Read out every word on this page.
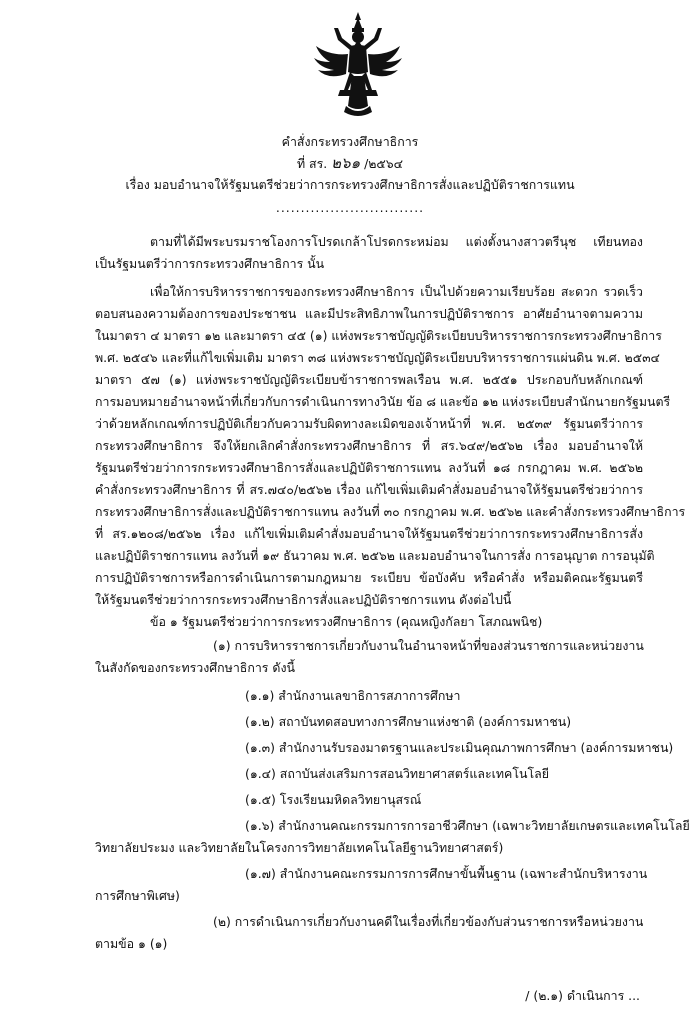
คำสั่งกระทรวงศึกษาธิการ
ที่ สร. ๒๖๑ /๒๕๖๔
เรื่อง มอบอำนาจให้รัฐมนตรีช่วยว่าการกระทรวงศึกษาธิการสั่งและปฏิบัติราชการแทน
..............................
ตามที่ได้มีพระบรมราชโองการโปรดเกล้าโปรดกระหม่อม แต่งตั้งนางสาวตรีนุช เทียนทอง
เป็นรัฐมนตรีว่าการกระทรวงศึกษาธิการ นั้น
เพื่อให้การบริหารราชการของกระทรวงศึกษาธิการ เป็นไปด้วยความเรียบร้อย สะดวก รวดเร็ว
ตอบสนองความต้องการของประชาชน และมีประสิทธิภาพในการปฏิบัติราชการ อาศัยอำนาจตามความ
ในมาตรา ๔ มาตรา ๑๒ และมาตรา ๔๕ (๑) แห่งพระราชบัญญัติระเบียบบริหารราชการกระทรวงศึกษาธิการ
พ.ศ. ๒๕๔๖ และที่แก้ไขเพิ่มเติม มาตรา ๓๘ แห่งพระราชบัญญัติระเบียบบริหารราชการแผ่นดิน พ.ศ. ๒๕๓๔
มาตรา ๕๗ (๑) แห่งพระราชบัญญัติระเบียบข้าราชการพลเรือน พ.ศ. ๒๕๕๑ ประกอบกับหลักเกณฑ์
การมอบหมายอำนาจหน้าที่เกี่ยวกับการดำเนินการทางวินัย ข้อ ๘ และข้อ ๑๒ แห่งระเบียบสำนักนายกรัฐมนตรี
ว่าด้วยหลักเกณฑ์การปฏิบัติเกี่ยวกับความรับผิดทางละเมิดของเจ้าหน้าที่ พ.ศ. ๒๕๓๙ รัฐมนตรีว่าการ
กระทรวงศึกษาธิการ จึงให้ยกเลิกคำสั่งกระทรวงศึกษาธิการ ที่ สร.๖๔๙/๒๕๖๒ เรื่อง มอบอำนาจให้
รัฐมนตรีช่วยว่าการกระทรวงศึกษาธิการสั่งและปฏิบัติราชการแทน ลงวันที่ ๑๘ กรกฎาคม พ.ศ. ๒๕๖๒
คำสั่งกระทรวงศึกษาธิการ ที่ สร.๗๔๐/๒๕๖๒ เรื่อง แก้ไขเพิ่มเติมคำสั่งมอบอำนาจให้รัฐมนตรีช่วยว่าการ
กระทรวงศึกษาธิการสั่งและปฏิบัติราชการแทน ลงวันที่ ๓๐ กรกฎาคม พ.ศ. ๒๕๖๒ และคำสั่งกระทรวงศึกษาธิการ
ที่ สร.๑๒๐๘/๒๕๖๒ เรื่อง แก้ไขเพิ่มเติมคำสั่งมอบอำนาจให้รัฐมนตรีช่วยว่าการกระทรวงศึกษาธิการสั่ง
และปฏิบัติราชการแทน ลงวันที่ ๑๙ ธันวาคม พ.ศ. ๒๕๖๒ และมอบอำนาจในการสั่ง การอนุญาต การอนุมัติ
การปฏิบัติราชการหรือการดำเนินการตามกฎหมาย ระเบียบ ข้อบังคับ หรือคำสั่ง หรือมติคณะรัฐมนตรี
ให้รัฐมนตรีช่วยว่าการกระทรวงศึกษาธิการสั่งและปฏิบัติราชการแทน ดังต่อไปนี้
ข้อ ๑ รัฐมนตรีช่วยว่าการกระทรวงศึกษาธิการ (คุณหญิงกัลยา โสภณพนิช)
(๑) การบริหารราชการเกี่ยวกับงานในอำนาจหน้าที่ของส่วนราชการและหน่วยงาน
ในสังกัดของกระทรวงศึกษาธิการ ดังนี้
(๑.๑) สำนักงานเลขาธิการสภาการศึกษา
(๑.๒) สถาบันทดสอบทางการศึกษาแห่งชาติ (องค์การมหาชน)
(๑.๓) สำนักงานรับรองมาตรฐานและประเมินคุณภาพการศึกษา (องค์การมหาชน)
(๑.๔) สถาบันส่งเสริมการสอนวิทยาศาสตร์และเทคโนโลยี
(๑.๕) โรงเรียนมหิดลวิทยานุสรณ์
(๑.๖) สำนักงานคณะกรรมการการอาชีวศึกษา (เฉพาะวิทยาลัยเกษตรและเทคโนโลยี
วิทยาลัยประมง และวิทยาลัยในโครงการวิทยาลัยเทคโนโลยีฐานวิทยาศาสตร์)
(๑.๗) สำนักงานคณะกรรมการการศึกษาขั้นพื้นฐาน (เฉพาะสำนักบริหารงาน
การศึกษาพิเศษ)
(๒) การดำเนินการเกี่ยวกับงานคดีในเรื่องที่เกี่ยวข้องกับส่วนราชการหรือหน่วยงาน
ตามข้อ ๑ (๑)
/ (๒.๑) ดำเนินการ ...
